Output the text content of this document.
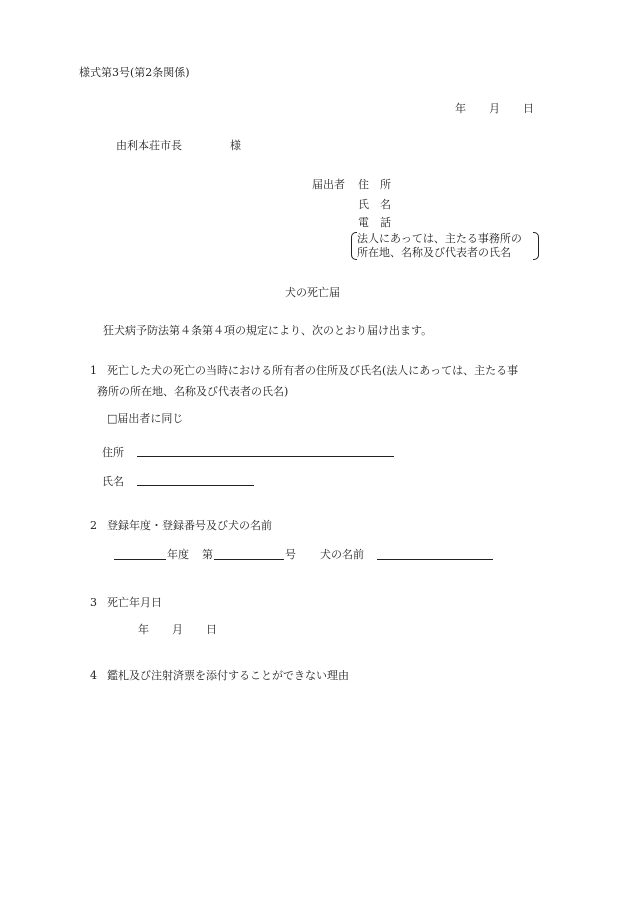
様式第3号(第2条関係)
年 月 日
由利本荘市長	様
届出者 住　所
氏　名
電　話
法人にあっては、主たる事務所の
所在地、名称及び代表者の氏名
犬の死亡届
狂犬病予防法第４条第４項の規定により、次のとおり届け出ます。
1 死亡した犬の死亡の当時における所有者の住所及び氏名(法人にあっては、主たる事
務所の所在地、名称及び代表者の氏名)
□届出者に同じ
住所
氏名
2 登録年度・登録番号及び犬の名前
年度 第	号 犬の名前
3 死亡年月日
年 月 日
4 鑑札及び注射済票を添付することができない理由
